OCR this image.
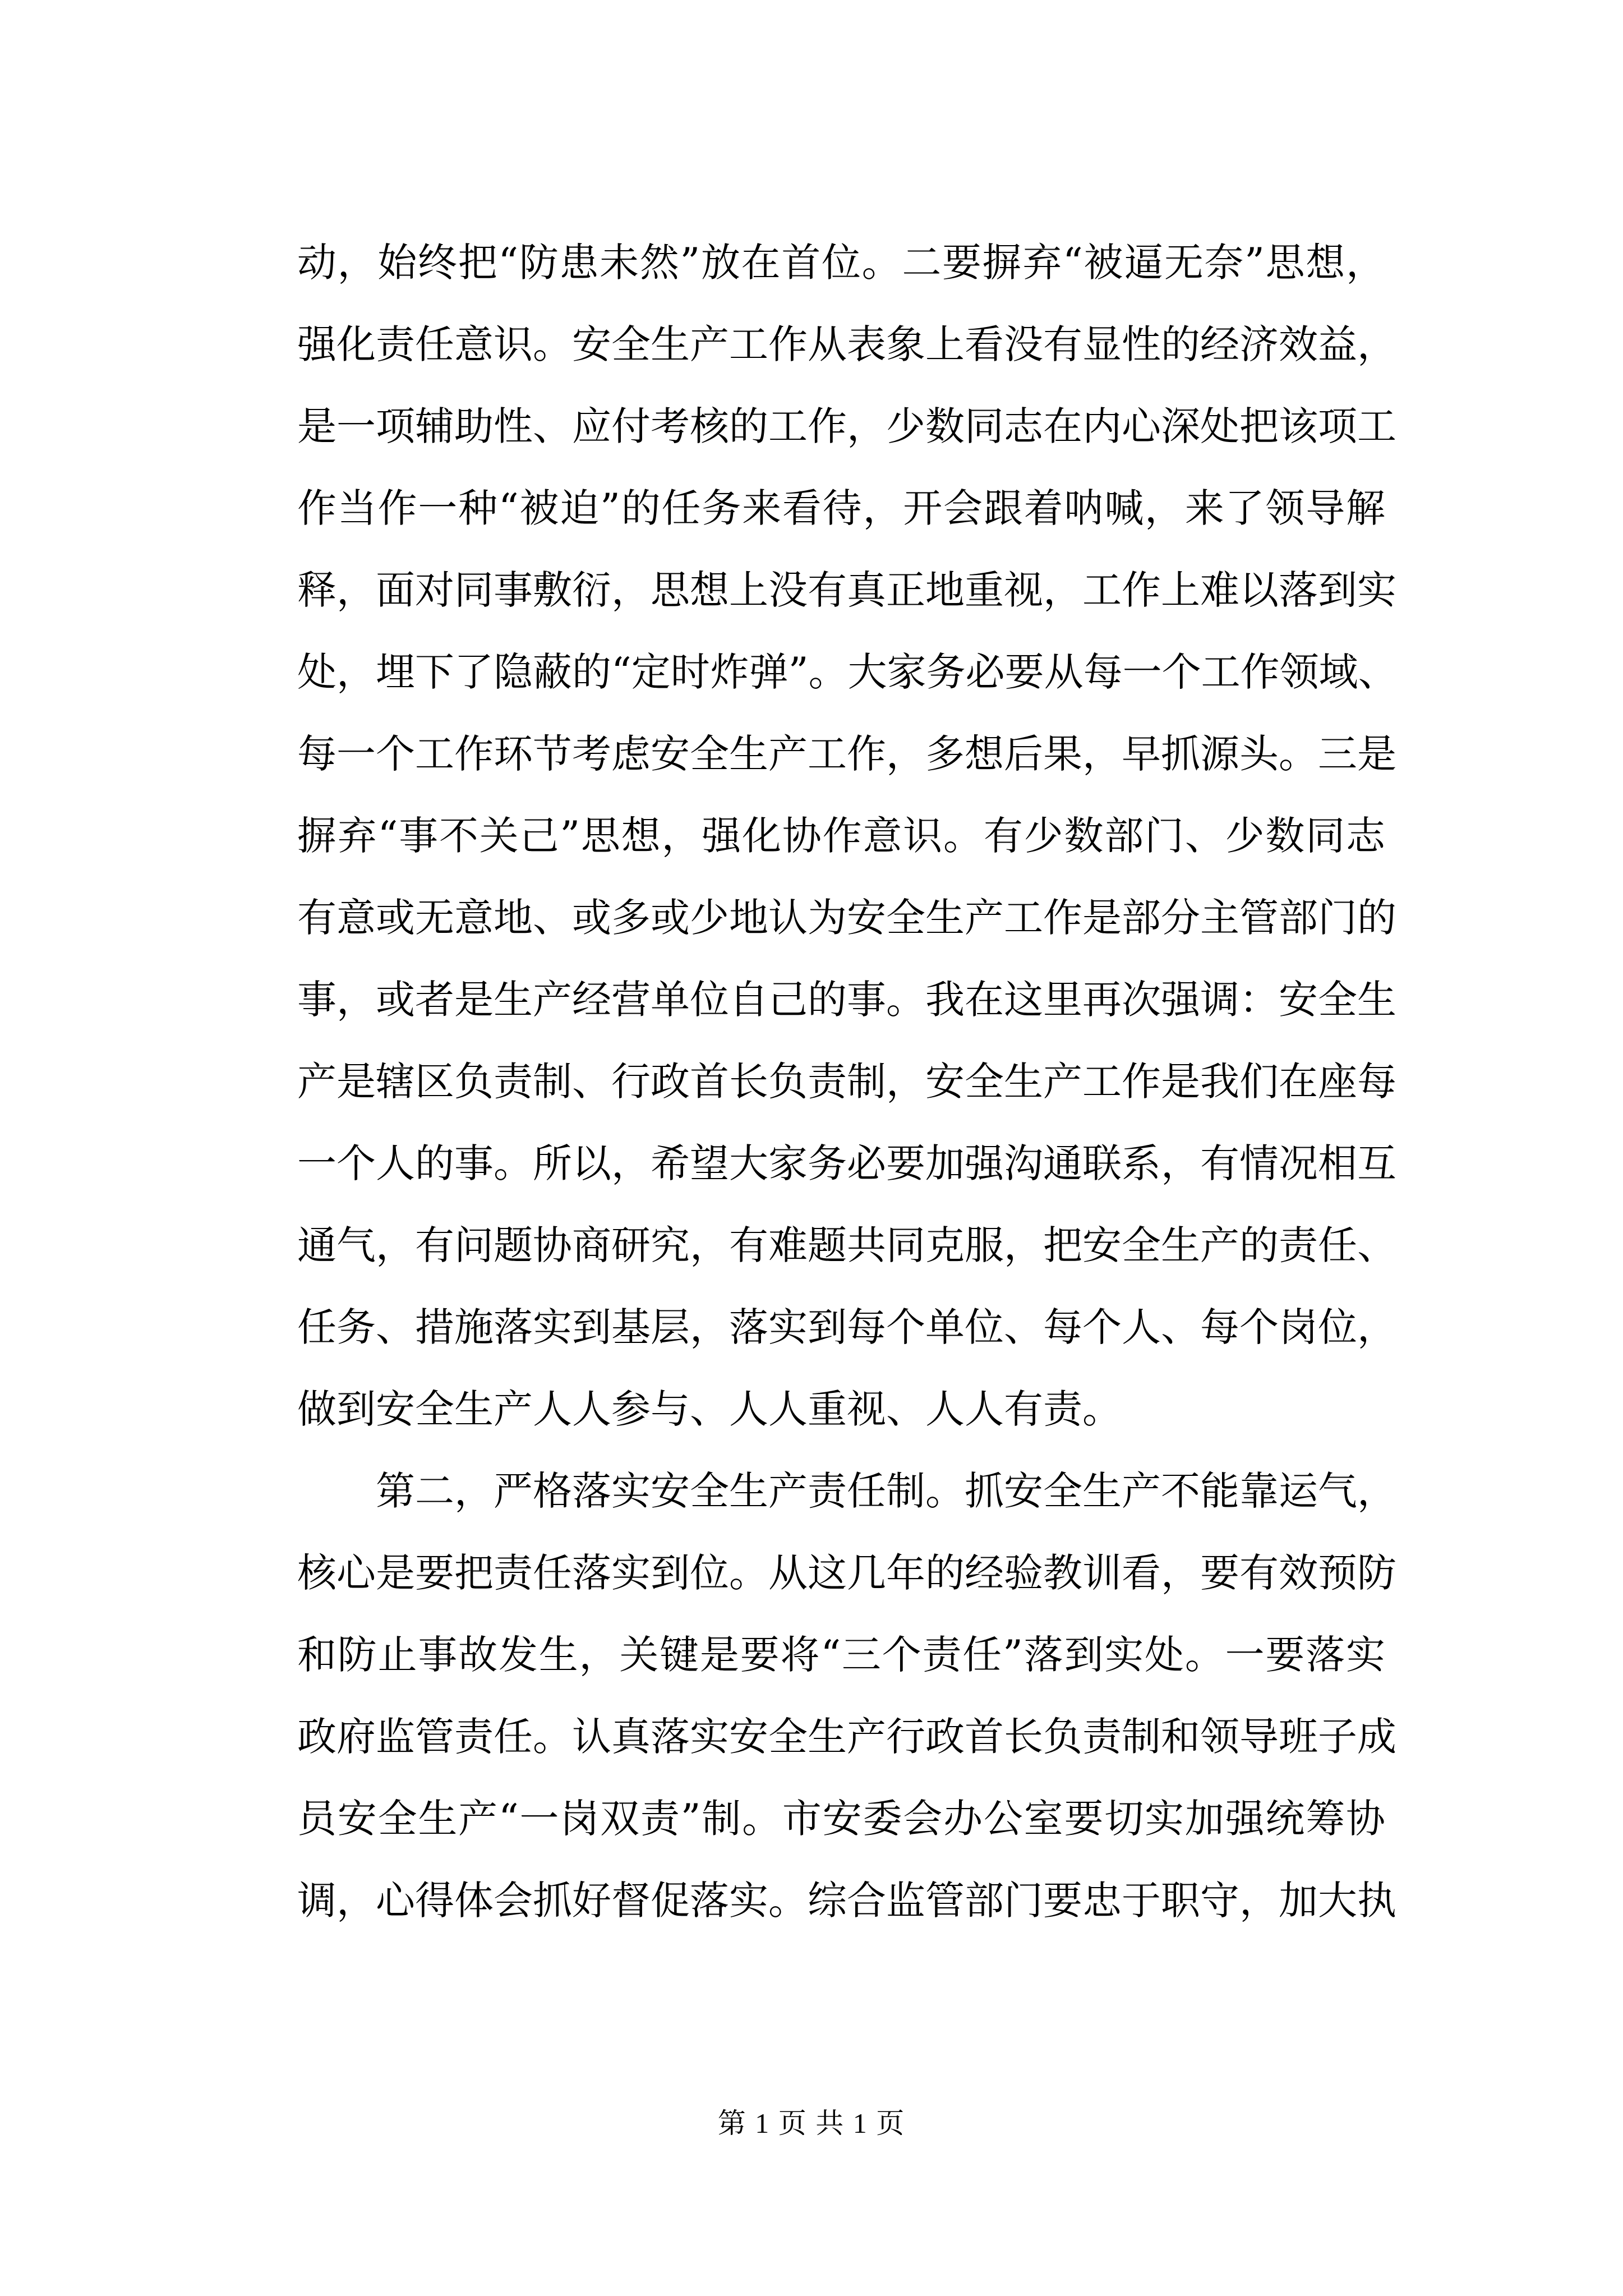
动，始终把“防患未然”放在首位。二要摒弃“被逼无奈”思想，
强化责任意识。安全生产工作从表象上看没有显性的经济效益，
是一项辅助性、应付考核的工作，少数同志在内心深处把该项工
作当作一种“被迫”的任务来看待，开会跟着呐喊，来了领导解
释，面对同事敷衍，思想上没有真正地重视，工作上难以落到实
处，埋下了隐蔽的“定时炸弹”。大家务必要从每一个工作领域、
每一个工作环节考虑安全生产工作，多想后果，早抓源头。三是
摒弃“事不关己”思想，强化协作意识。有少数部门、少数同志
有意或无意地、或多或少地认为安全生产工作是部分主管部门的
事，或者是生产经营单位自己的事。我在这里再次强调：安全生
产是辖区负责制、行政首长负责制，安全生产工作是我们在座每
一个人的事。所以，希望大家务必要加强沟通联系，有情况相互
通气，有问题协商研究，有难题共同克服，把安全生产的责任、
任务、措施落实到基层，落实到每个单位、每个人、每个岗位，
做到安全生产人人参与、人人重视、人人有责。
　　第二，严格落实安全生产责任制。抓安全生产不能靠运气，
核心是要把责任落实到位。从这几年的经验教训看，要有效预防
和防止事故发生，关键是要将“三个责任”落到实处。一要落实
政府监管责任。认真落实安全生产行政首长负责制和领导班子成
员安全生产“一岗双责”制。市安委会办公室要切实加强统筹协
调，心得体会抓好督促落实。综合监管部门要忠于职守，加大执
第 1 页 共 1 页
